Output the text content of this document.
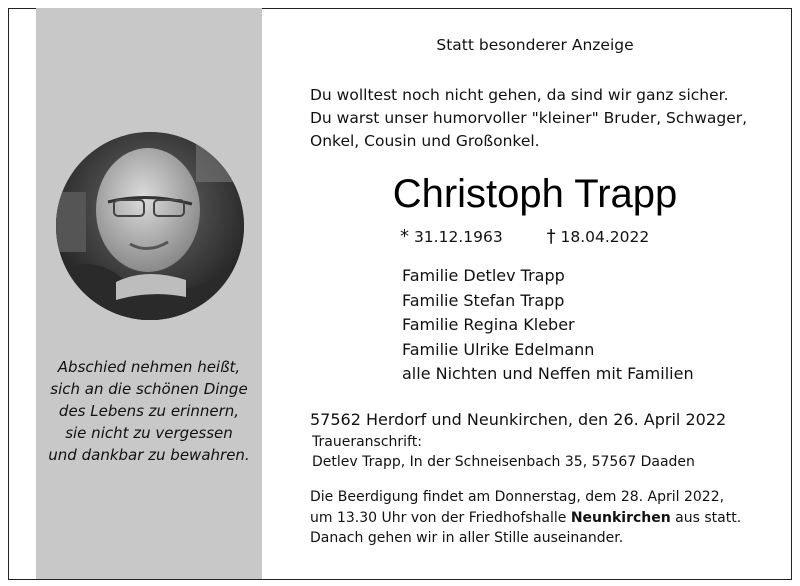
Abschied nehmen heißt,
sich an die schönen Dinge
des Lebens zu erinnern,
sie nicht zu vergessen
und dankbar zu bewahren.
Statt besonderer Anzeige
Du wolltest noch nicht gehen, da sind wir ganz sicher.
Du warst unser humorvoller "kleiner" Bruder, Schwager,
Onkel, Cousin und Großonkel.
Christoph Trapp
* 31.12.1963 † 18.04.2022
Familie Detlev Trapp
Familie Stefan Trapp
Familie Regina Kleber
Familie Ulrike Edelmann
alle Nichten und Neffen mit Familien
57562 Herdorf und Neunkirchen, den 26. April 2022
Traueranschrift:
Detlev Trapp, In der Schneisenbach 35, 57567 Daaden
Die Beerdigung findet am Donnerstag, dem 28. April 2022,
um 13.30 Uhr von der Friedhofshalle Neunkirchen aus statt.
Danach gehen wir in aller Stille auseinander.
